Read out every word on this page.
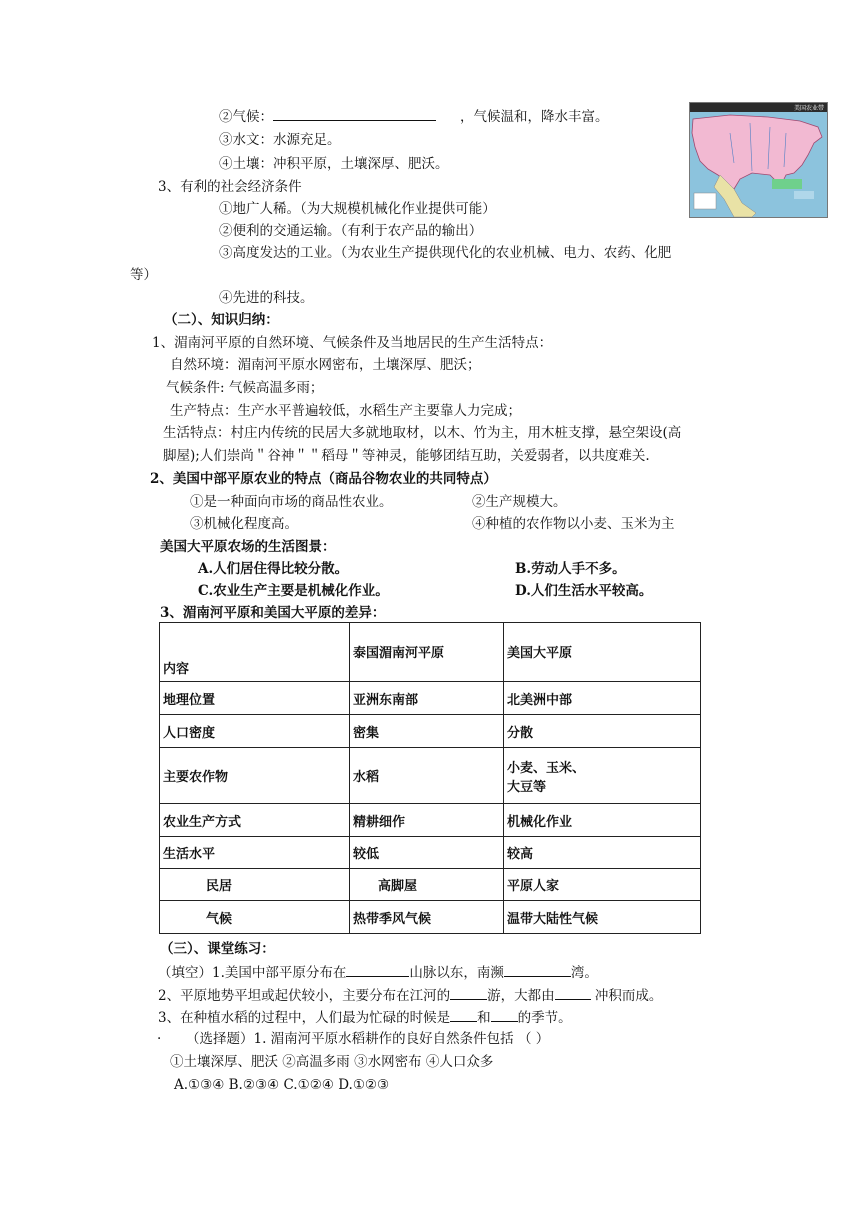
②气候：	，气候温和，降水丰富。
③水文：水源充足。
④土壤：冲积平原，土壤深厚、肥沃。
3、有利的社会经济条件
①地广人稀。（为大规模机械化作业提供可能）
②便利的交通运输。（有利于农产品的输出）
③高度发达的工业。（为农业生产提供现代化的农业机械、电力、农药、化肥
等）
④先进的科技。
美国农业带
（二）、知识归纳：
1、湄南河平原的自然环境、气候条件及当地居民的生产生活特点：
自然环境：湄南河平原水网密布，土壤深厚、肥沃；
气候条件: 气候高温多雨；
生产特点：生产水平普遍较低，水稻生产主要靠人力完成；
生活特点：村庄内传统的民居大多就地取材，以木、竹为主，用木桩支撑，悬空架设(高
脚屋);人们崇尚＂谷神＂＂稻母＂等神灵，能够团结互助，关爱弱者，以共度难关.
2、美国中部平原农业的特点（商品谷物农业的共同特点）
①是一种面向市场的商品性农业。	②生产规模大。
③机械化程度高。	④种植的农作物以小麦、玉米为主
美国大平原农场的生活图景：
A.人们居住得比较分散。	B.劳动人手不多。
C.农业生产主要是机械化作业。	D.人们生活水平较高。
3、湄南河平原和美国大平原的差异：
内容	泰国湄南河平原	美国大平原
地理位置	亚洲东南部	北美洲中部
人口密度	密集	分散
主要农作物	水稻	小麦、玉米、
大豆等

农业生产方式	精耕细作	机械化作业
生活水平	较低	较高
民居	高脚屋	平原人家
气候	热带季风气候	温带大陆性气候
（三）、课堂练习：
（填空）1.美国中部平原分布在	山脉以东，南濒	湾。
2、平原地势平坦或起伏较小，主要分布在江河的	游，大都由	冲积而成。
3、在种植水稻的过程中，人们最为忙碌的时候是 和 的季节。
· （选择题）1. 湄南河平原水稻耕作的良好自然条件包括 （ ）
①土壤深厚、肥沃 ②高温多雨 ③水网密布 ④人口众多
A.①③④ B.②③④ C.①②④ D.①②③
